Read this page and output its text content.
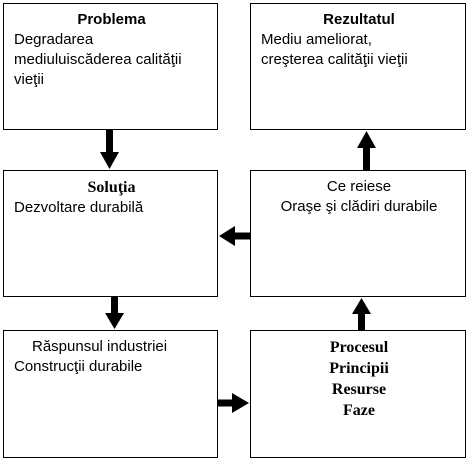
Problema
Degradarea
mediuluiscăderea calităţii
vieţii
Rezultatul
Mediu ameliorat,
creşterea calităţii vieţii
Soluţia
Dezvoltare durabilă
Ce reiese
Oraşe şi clădiri durabile
Răspunsul industriei
Construcţii durabile
Procesul
Principii
Resurse
Faze
